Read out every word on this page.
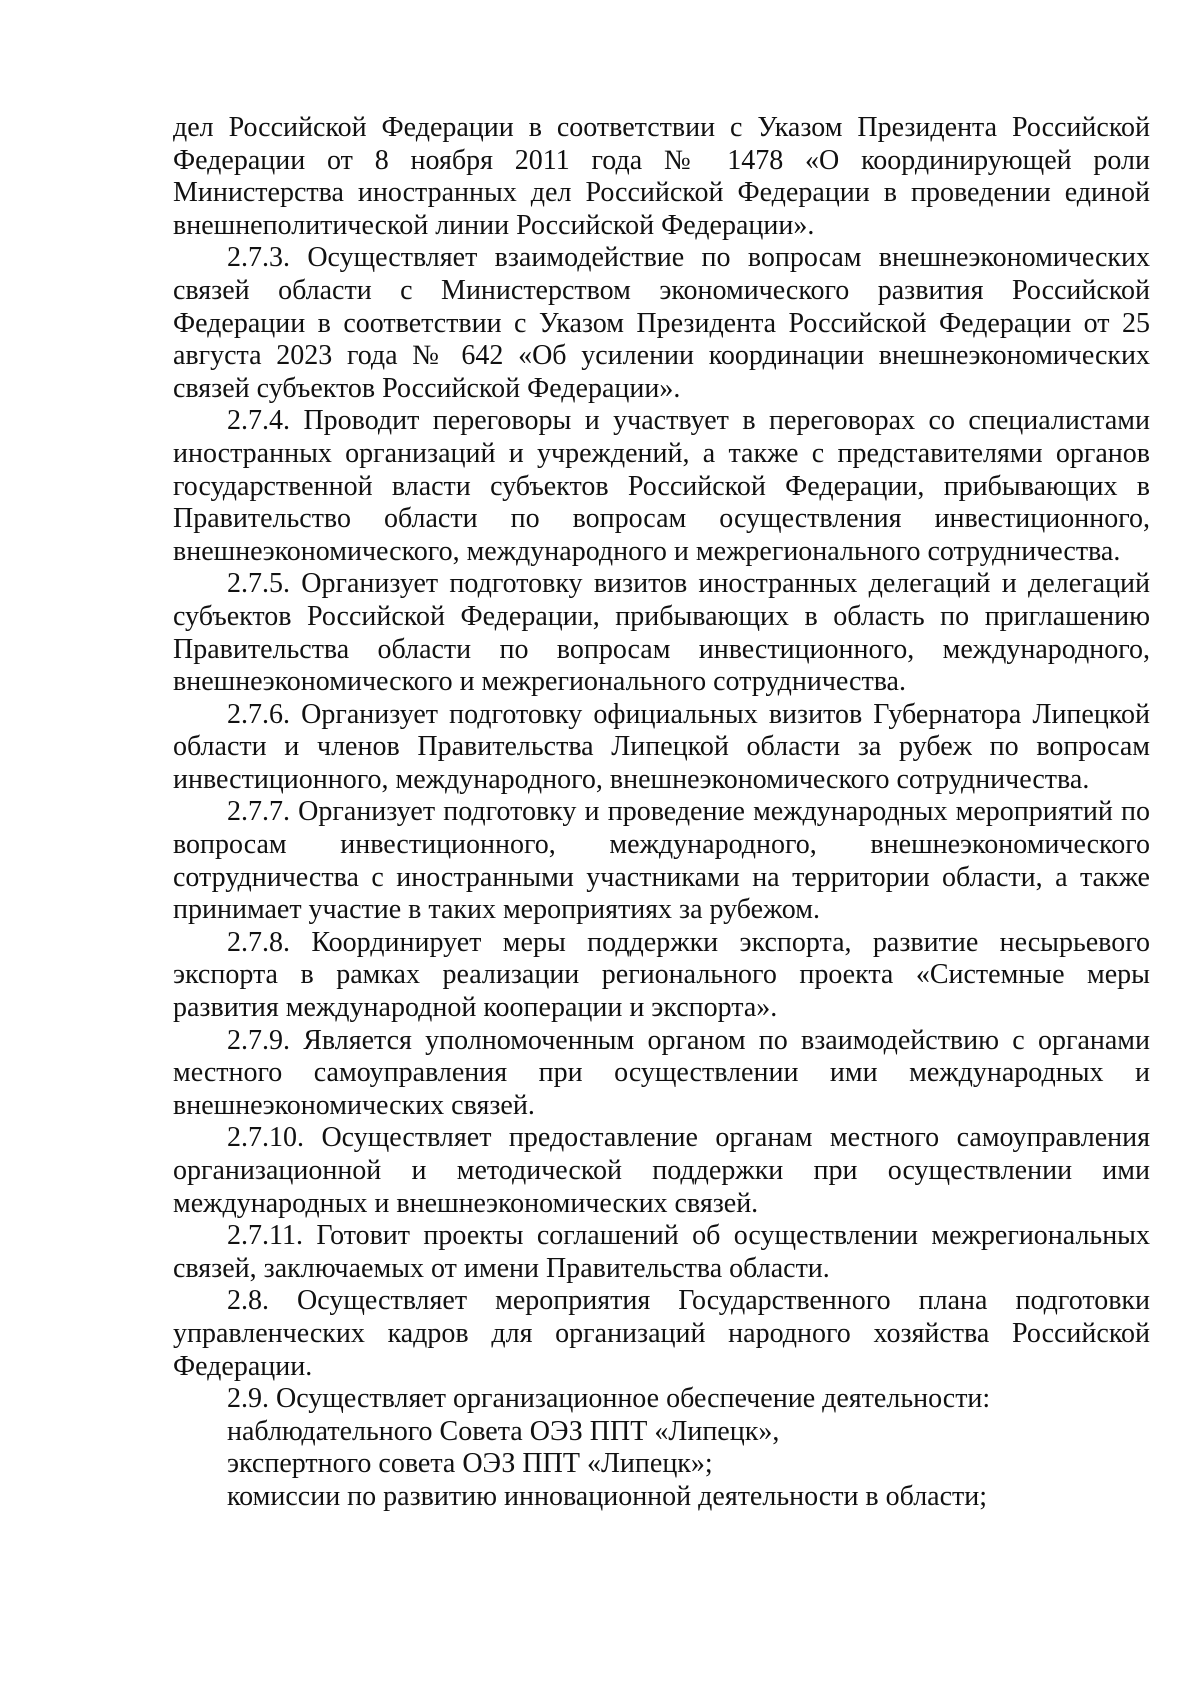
дел Российской Федерации в соответствии с Указом Президента Российской Федерации от 8 ноября 2011 года № 1478 «О координирующей роли Министерства иностранных дел Российской Федерации в проведении единой внешнеполитической линии Российской Федерации».

2.7.3. Осуществляет взаимодействие по вопросам внешнеэкономических связей области с Министерством экономического развития Российской Федерации в соответствии с Указом Президента Российской Федерации от 25 августа 2023 года № 642 «Об усилении координации внешнеэкономических связей субъектов Российской Федерации».

2.7.4. Проводит переговоры и участвует в переговорах со специалистами иностранных организаций и учреждений, а также с представителями органов государственной власти субъектов Российской Федерации, прибывающих в Правительство области по вопросам осуществления инвестиционного, внешнеэкономического, международного и межрегионального сотрудничества.

2.7.5. Организует подготовку визитов иностранных делегаций и делегаций субъектов Российской Федерации, прибывающих в область по приглашению Правительства области по вопросам инвестиционного, международного, внешнеэкономического и межрегионального сотрудничества.

2.7.6. Организует подготовку официальных визитов Губернатора Липецкой области и членов Правительства Липецкой области за рубеж по вопросам инвестиционного, международного, внешнеэкономического сотрудничества.

2.7.7. Организует подготовку и проведение международных мероприятий по вопросам инвестиционного, международного, внешнеэкономического сотрудничества с иностранными участниками на территории области, а также принимает участие в таких мероприятиях за рубежом.

2.7.8. Координирует меры поддержки экспорта, развитие несырьевого экспорта в рамках реализации регионального проекта «Системные меры развития международной кооперации и экспорта».

2.7.9. Является уполномоченным органом по взаимодействию с органами местного самоуправления при осуществлении ими международных и внешнеэкономических связей.

2.7.10. Осуществляет предоставление органам местного самоуправления организационной и методической поддержки при осуществлении ими международных и внешнеэкономических связей.

2.7.11. Готовит проекты соглашений об осуществлении межрегиональных связей, заключаемых от имени Правительства области.

2.8. Осуществляет мероприятия Государственного плана подготовки управленческих кадров для организаций народного хозяйства Российской Федерации.

2.9. Осуществляет организационное обеспечение деятельности:

наблюдательного Совета ОЭЗ ППТ «Липецк»,

экспертного совета ОЭЗ ППТ «Липецк»;

комиссии по развитию инновационной деятельности в области;
